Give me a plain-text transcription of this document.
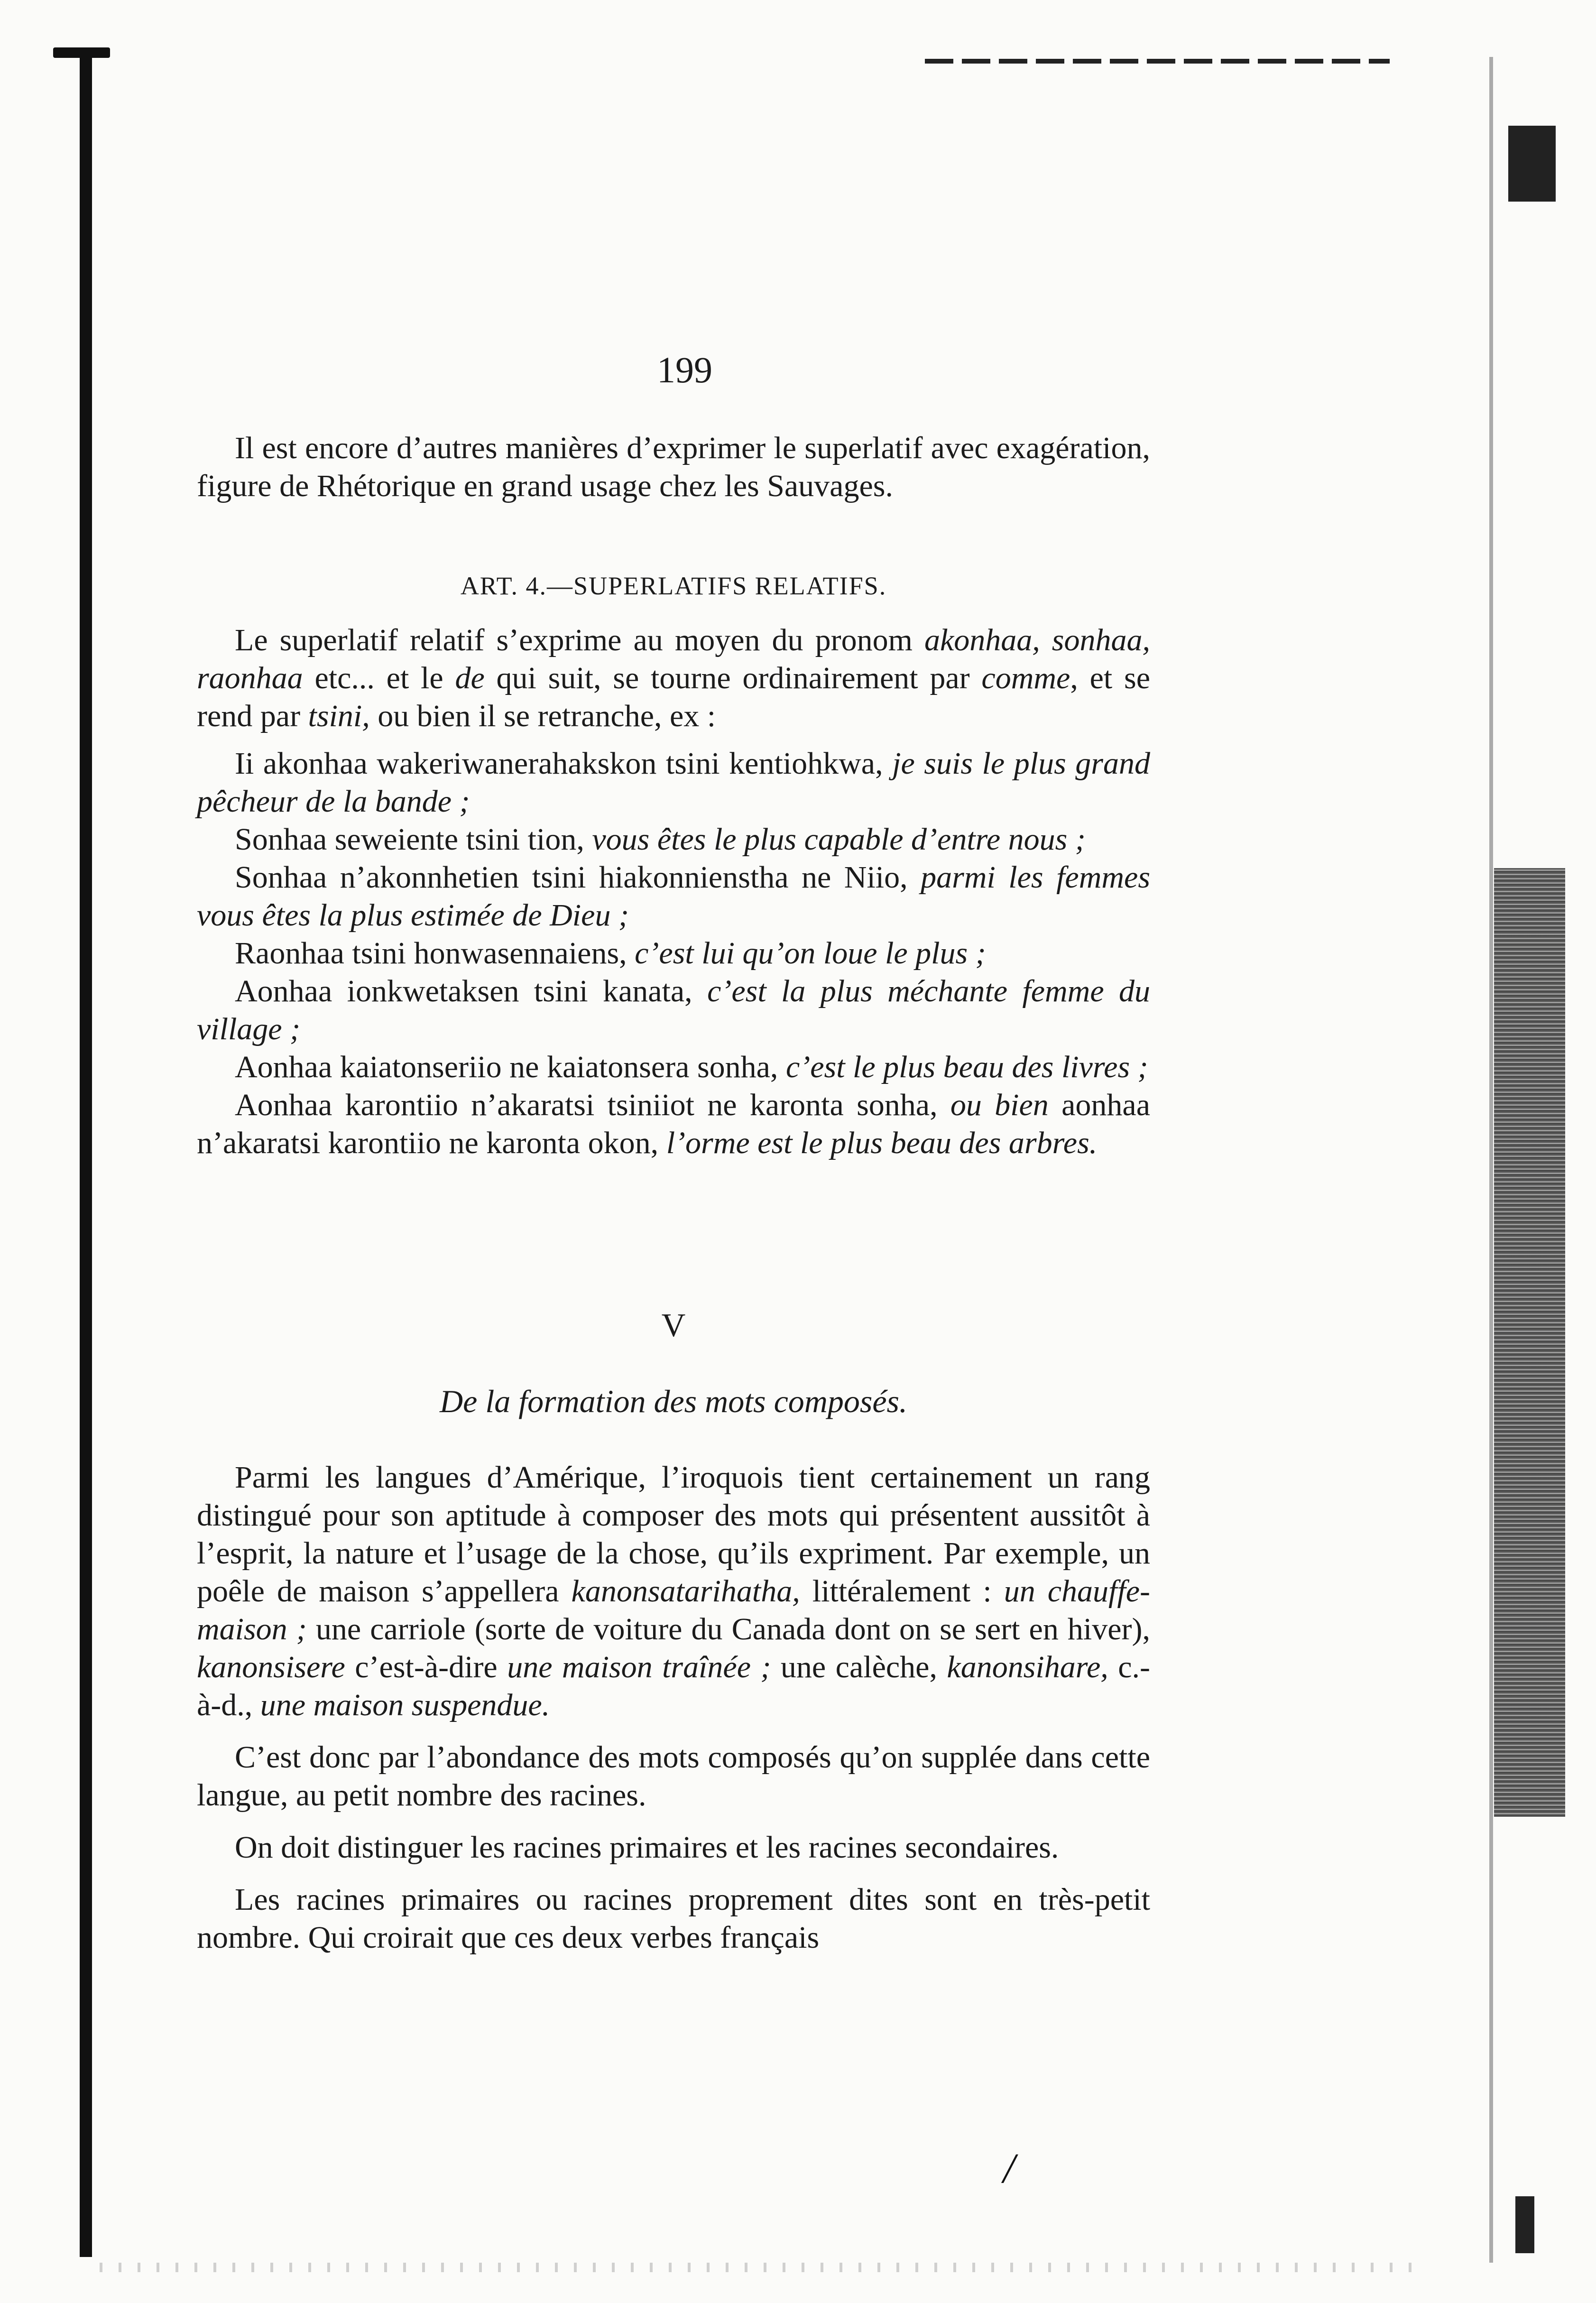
/
199

Il est encore d’autres manières d’exprimer le superlatif avec exagération, figure de Rhétorique en grand usage chez les Sauvages.

ART. 4.—SUPERLATIFS RELATIFS.

Le superlatif relatif s’exprime au moyen du pronom akonhaa, sonhaa, raonhaa etc... et le de qui suit, se tourne ordinairement par comme, et se rend par tsini, ou bien il se retranche, ex :

Ii akonhaa wakeriwanerahakskon tsini kentiohkwa, je suis le plus grand pêcheur de la bande ;

Sonhaa seweiente tsini tion, vous êtes le plus capable d’entre nous ;

Sonhaa n’akonnhetien tsini hiakonnienstha ne Niio, parmi les femmes vous êtes la plus estimée de Dieu ;

Raonhaa tsini honwasennaiens, c’est lui qu’on loue le plus ;

Aonhaa ionkwetaksen tsini kanata, c’est la plus méchante femme du village ;

Aonhaa kaiatonseriio ne kaiatonsera sonha, c’est le plus beau des livres ;

Aonhaa karontiio n’akaratsi tsiniiot ne karonta sonha, ou bien aonhaa n’akaratsi karontiio ne karonta okon, l’orme est le plus beau des arbres.

V
De la formation des mots composés.

Parmi les langues d’Amérique, l’iroquois tient certainement un rang distingué pour son aptitude à composer des mots qui présentent aussitôt à l’esprit, la nature et l’usage de la chose, qu’ils expriment. Par exemple, un poêle de maison s’appellera kanonsatarihatha, littéralement : un chauffe-maison ; une carriole (sorte de voiture du Canada dont on se sert en hiver), kanonsisere c’est-à-dire une maison traînée ; une calèche, kanonsihare, c.-à-d., une maison suspendue.

C’est donc par l’abondance des mots composés qu’on supplée dans cette langue, au petit nombre des racines.

On doit distinguer les racines primaires et les racines secondaires.

Les racines primaires ou racines proprement dites sont en très-petit nombre. Qui croirait que ces deux verbes français
